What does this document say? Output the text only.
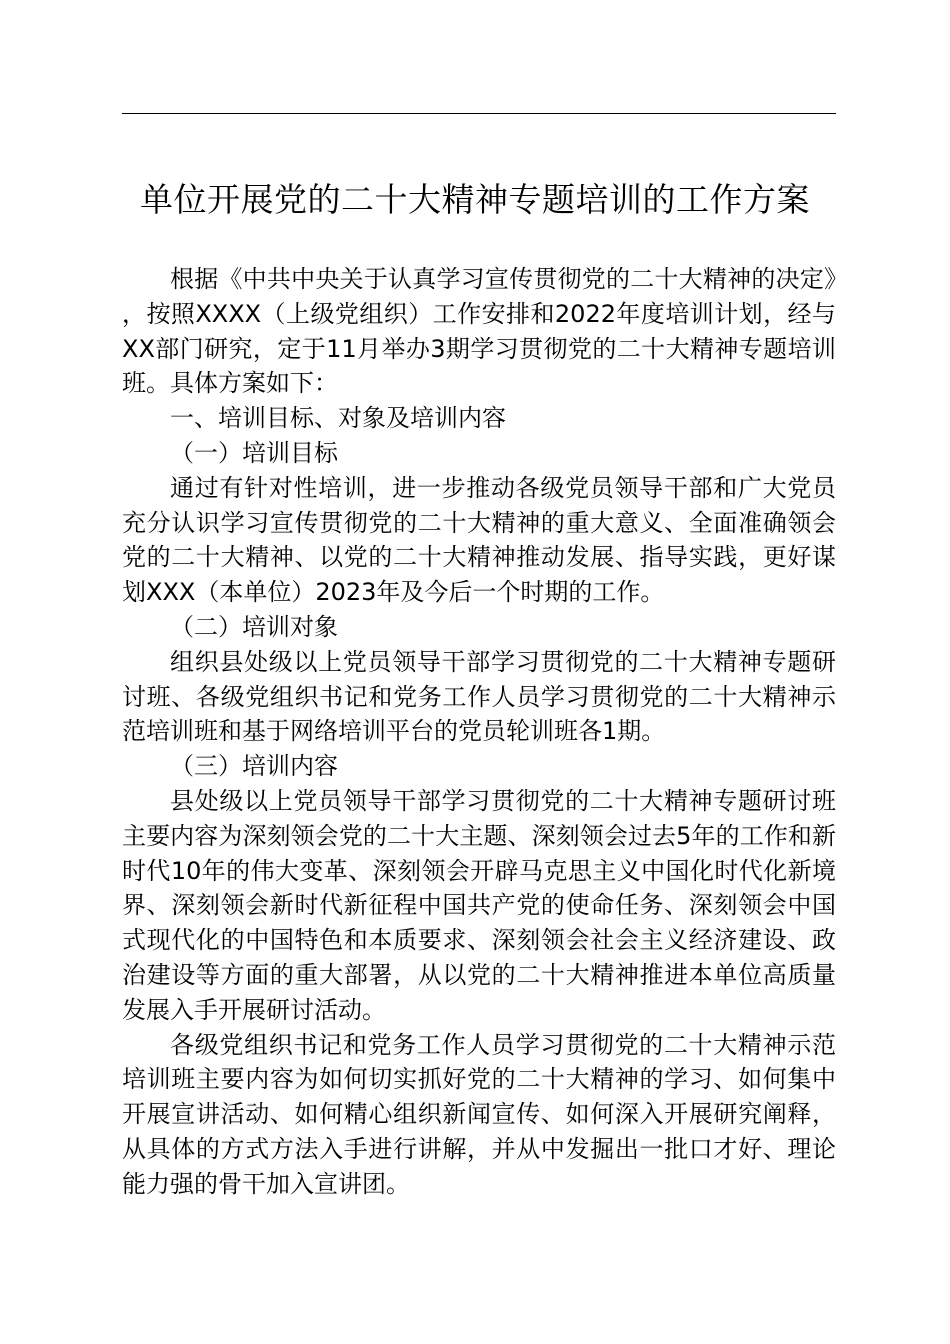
单位开展党的二十大精神专题培训的工作方案

根据《中共中央关于认真学习宣传贯彻党的二十大精神的决定》，按照XXXX（上级党组织）工作安排和2022年度培训计划，经与XX部门研究，定于11月举办3期学习贯彻党的二十大精神专题培训班。具体方案如下：

一、培训目标、对象及培训内容

（一）培训目标

通过有针对性培训，进一步推动各级党员领导干部和广大党员充分认识学习宣传贯彻党的二十大精神的重大意义、全面准确领会党的二十大精神、以党的二十大精神推动发展、指导实践，更好谋划XXX（本单位）2023年及今后一个时期的工作。

（二）培训对象

组织县处级以上党员领导干部学习贯彻党的二十大精神专题研讨班、各级党组织书记和党务工作人员学习贯彻党的二十大精神示范培训班和基于网络培训平台的党员轮训班各1期。

（三）培训内容

县处级以上党员领导干部学习贯彻党的二十大精神专题研讨班主要内容为深刻领会党的二十大主题、深刻领会过去5年的工作和新时代10年的伟大变革、深刻领会开辟马克思主义中国化时代化新境界、深刻领会新时代新征程中国共产党的使命任务、深刻领会中国式现代化的中国特色和本质要求、深刻领会社会主义经济建设、政治建设等方面的重大部署，从以党的二十大精神推进本单位高质量发展入手开展研讨活动。

各级党组织书记和党务工作人员学习贯彻党的二十大精神示范培训班主要内容为如何切实抓好党的二十大精神的学习、如何集中开展宣讲活动、如何精心组织新闻宣传、如何深入开展研究阐释，从具体的方式方法入手进行讲解，并从中发掘出一批口才好、理论能力强的骨干加入宣讲团。
